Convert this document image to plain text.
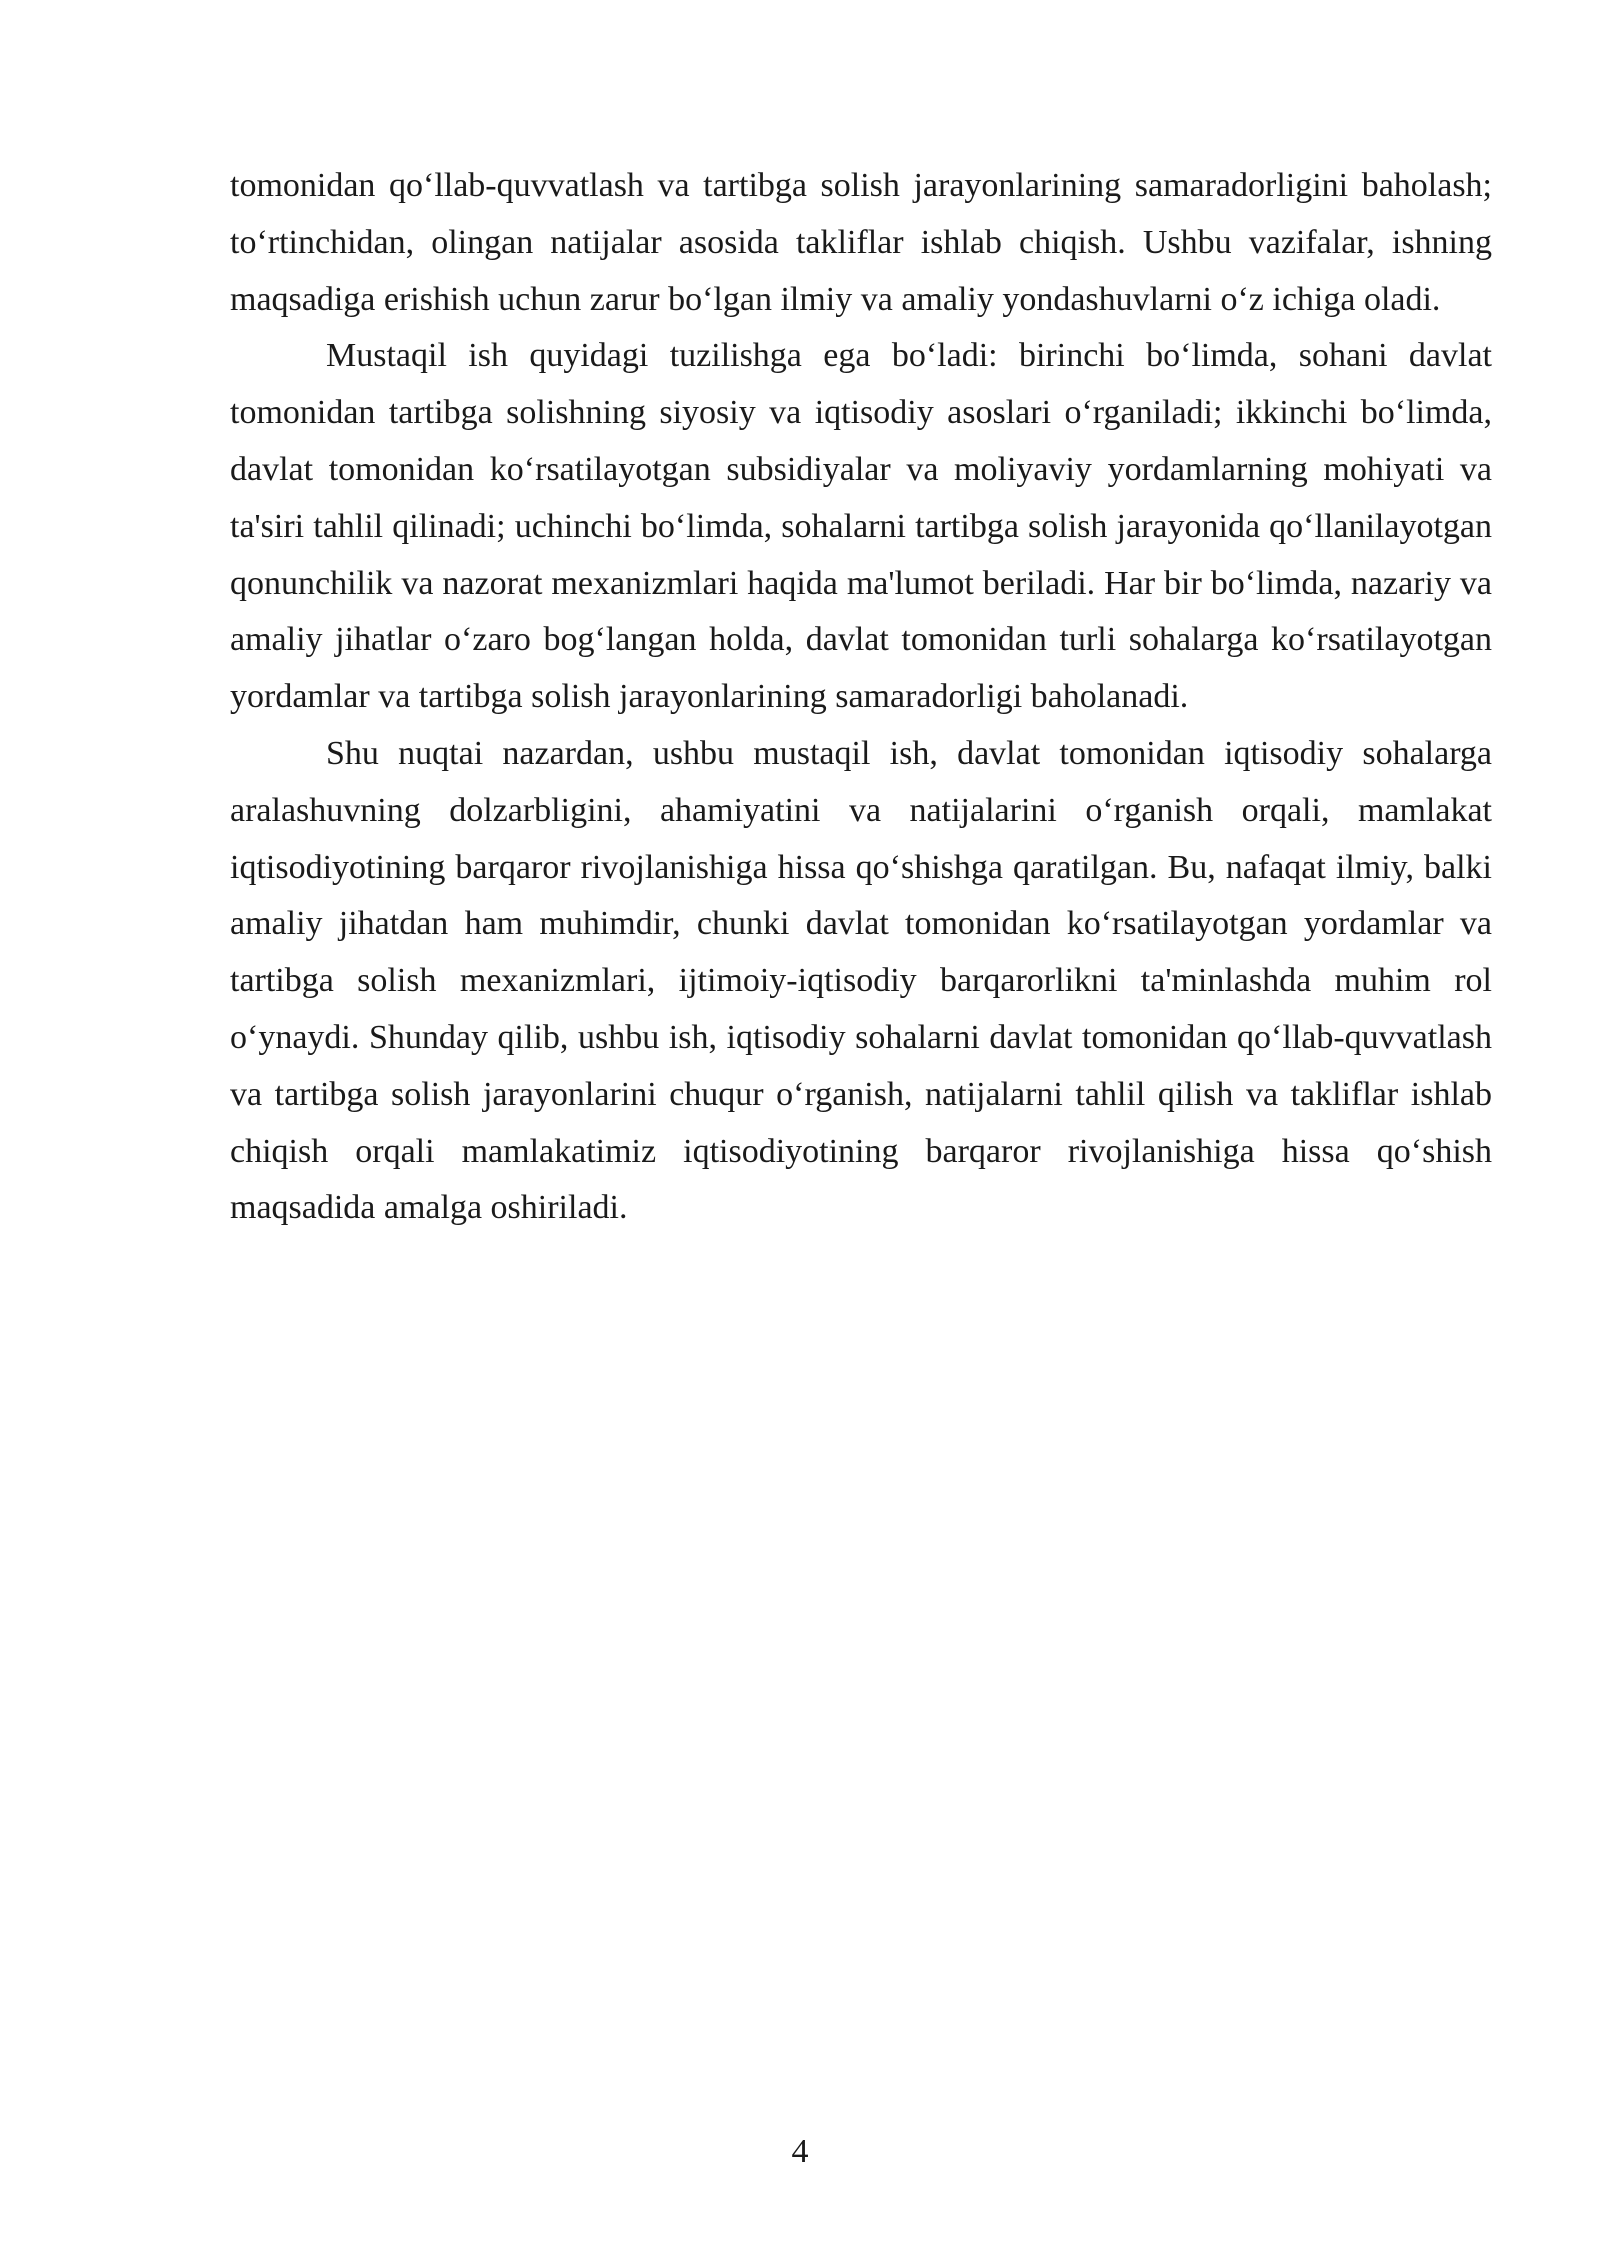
tomonidan qo‘llab-quvvatlash va tartibga solish jarayonlarining samaradorligini baholash; to‘rtinchidan, olingan natijalar asosida takliflar ishlab chiqish. Ushbu vazifalar, ishning maqsadiga erishish uchun zarur bo‘lgan ilmiy va amaliy yondashuvlarni o‘z ichiga oladi.

Mustaqil ish quyidagi tuzilishga ega bo‘ladi: birinchi bo‘limda, sohani davlat tomonidan tartibga solishning siyosiy va iqtisodiy asoslari o‘rganiladi; ikkinchi bo‘limda, davlat tomonidan ko‘rsatilayotgan subsidiyalar va moliyaviy yordamlarning mohiyati va ta'siri tahlil qilinadi; uchinchi bo‘limda, sohalarni tartibga solish jarayonida qo‘llanilayotgan qonunchilik va nazorat mexanizmlari haqida ma'lumot beriladi. Har bir bo‘limda, nazariy va amaliy jihatlar o‘zaro bog‘langan holda, davlat tomonidan turli sohalarga ko‘rsatilayotgan yordamlar va tartibga solish jarayonlarining samaradorligi baholanadi.

Shu nuqtai nazardan, ushbu mustaqil ish, davlat tomonidan iqtisodiy sohalarga aralashuvning dolzarbligini, ahamiyatini va natijalarini o‘rganish orqali, mamlakat iqtisodiyotining barqaror rivojlanishiga hissa qo‘shishga qaratilgan. Bu, nafaqat ilmiy, balki amaliy jihatdan ham muhimdir, chunki davlat tomonidan ko‘rsatilayotgan yordamlar va tartibga solish mexanizmlari, ijtimoiy-iqtisodiy barqarorlikni ta'minlashda muhim rol o‘ynaydi. Shunday qilib, ushbu ish, iqtisodiy sohalarni davlat tomonidan qo‘llab-quvvatlash va tartibga solish jarayonlarini chuqur o‘rganish, natijalarni tahlil qilish va takliflar ishlab chiqish orqali mamlakatimiz iqtisodiyotining barqaror rivojlanishiga hissa qo‘shish maqsadida amalga oshiriladi.

4
